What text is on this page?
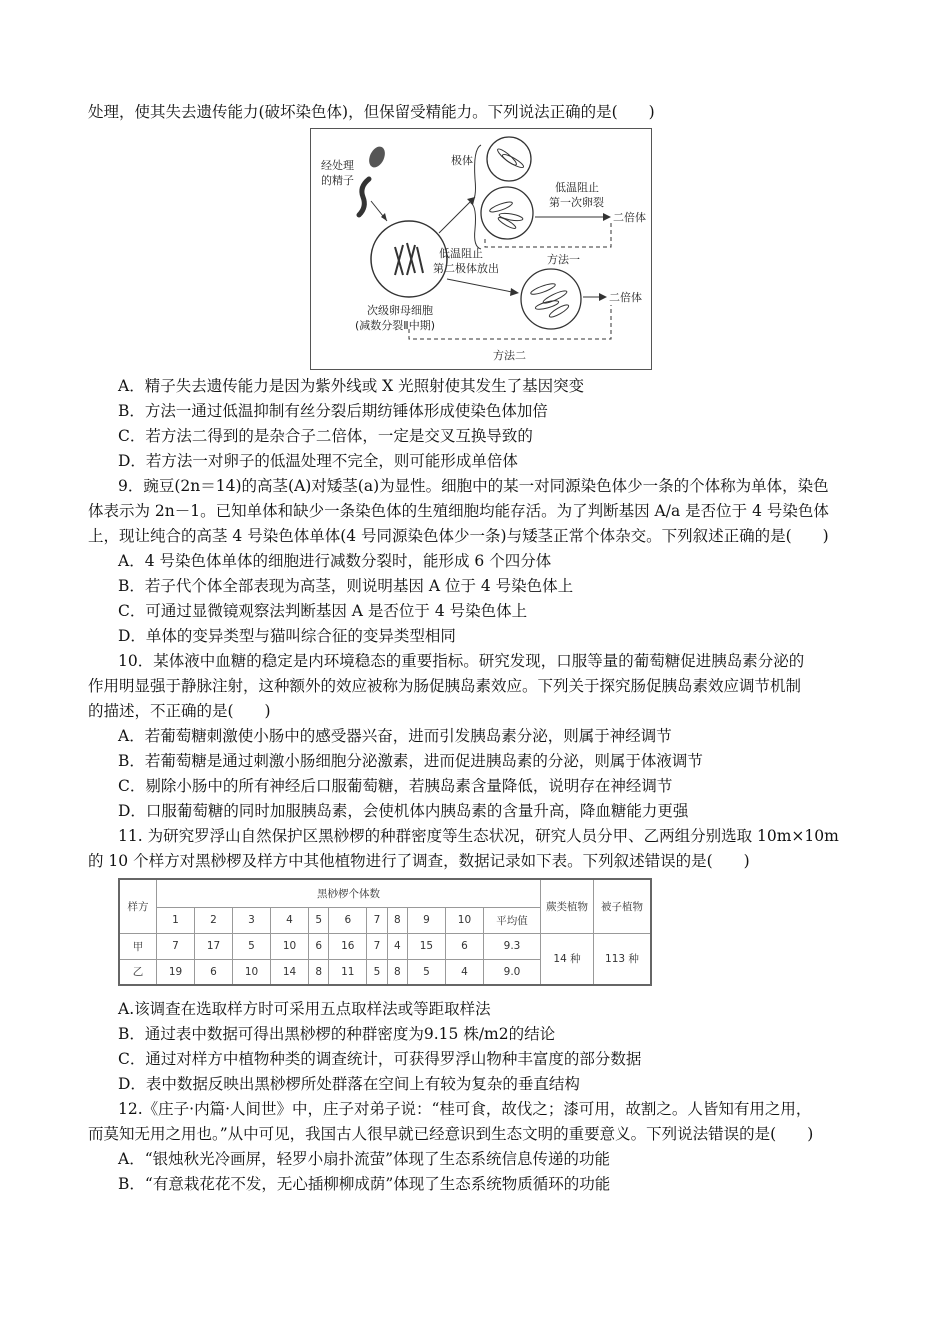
处理，使其失去遗传能力(破坏染色体)，但保留受精能力。下列说法正确的是(　　)
经处理
的精子
次级卵母细胞
(减数分裂Ⅱ中期)
极体
低温阻止
第一次卵裂
二倍体
方法一
低温阻止
第二极体放出
二倍体
方法二
A．精子失去遗传能力是因为紫外线或 X 光照射使其发生了基因突变
B．方法一通过低温抑制有丝分裂后期纺锤体形成使染色体加倍
C．若方法二得到的是杂合子二倍体，一定是交叉互换导致的
D．若方法一对卵子的低温处理不完全，则可能形成单倍体
9．豌豆(2n＝14)的高茎(A)对矮茎(a)为显性。细胞中的某一对同源染色体少一条的个体称为单体，染色
体表示为 2n－1。已知单体和缺少一条染色体的生殖细胞均能存活。为了判断基因 A/a 是否位于 4 号染色体
上，现让纯合的高茎 4 号染色体单体(4 号同源染色体少一条)与矮茎正常个体杂交。下列叙述正确的是(　　)
A．4 号染色体单体的细胞进行减数分裂时，能形成 6 个四分体
B．若子代个体全部表现为高茎，则说明基因 A 位于 4 号染色体上
C．可通过显微镜观察法判断基因 A 是否位于 4 号染色体上
D．单体的变异类型与猫叫综合征的变异类型相同
10．某体液中血糖的稳定是内环境稳态的重要指标。研究发现，口服等量的葡萄糖促进胰岛素分泌的
作用明显强于静脉注射，这种额外的效应被称为肠促胰岛素效应。下列关于探究肠促胰岛素效应调节机制
的描述，不正确的是(　　)
A．若葡萄糖刺激使小肠中的感受器兴奋，进而引发胰岛素分泌，则属于神经调节
B．若葡萄糖是通过刺激小肠细胞分泌激素，进而促进胰岛素的分泌，则属于体液调节
C．剔除小肠中的所有神经后口服葡萄糖，若胰岛素含量降低，说明存在神经调节
D．口服葡萄糖的同时加服胰岛素，会使机体内胰岛素的含量升高，降血糖能力更强
11. 为研究罗浮山自然保护区黑桫椤的种群密度等生态状况，研究人员分甲、乙两组分别选取 10m×10m
的 10 个样方对黑桫椤及样方中其他植物进行了调查，数据记录如下表。下列叙述错误的是(　　)
样方	黑桫椤个体数											蕨类植物	被子植物
	1	2	3	4	5	6	7	8	9	10	平均值		
甲	7	17	5	10	6	16	7	4	15	6	9.3	14 种	113 种
乙	19	6	10	14	8	11	5	8	5	4	9.0		
A.该调查在选取样方时可采用五点取样法或等距取样法
B．通过表中数据可得出黑桫椤的种群密度为9.15 株/m2的结论
C．通过对样方中植物种类的调查统计，可获得罗浮山物种丰富度的部分数据
D．表中数据反映出黑桫椤所处群落在空间上有较为复杂的垂直结构
12.《庄子·内篇·人间世》中，庄子对弟子说：“桂可食，故伐之；漆可用，故割之。人皆知有用之用，
而莫知无用之用也。”从中可见，我国古人很早就已经意识到生态文明的重要意义。下列说法错误的是(　　)
A．“银烛秋光冷画屏，轻罗小扇扑流萤”体现了生态系统信息传递的功能
B．“有意栽花花不发，无心插柳柳成荫”体现了生态系统物质循环的功能
